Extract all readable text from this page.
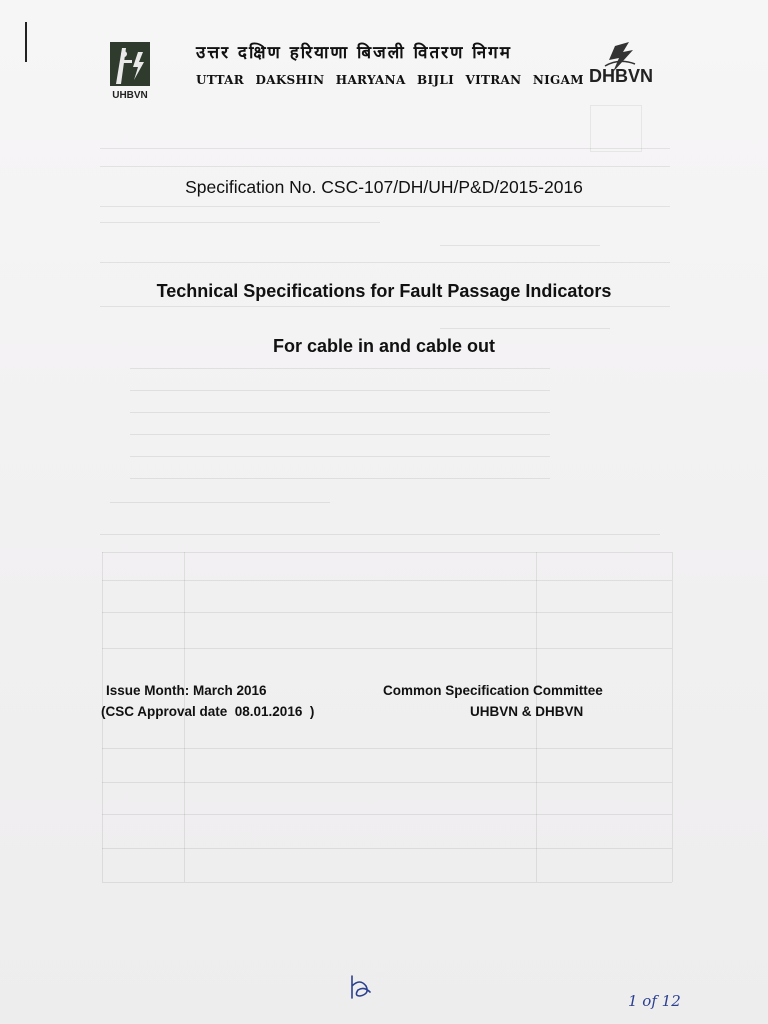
UHBVN
उत्तर दक्षिण हरियाणा बिजली वितरण निगम
UTTAR DAKSHIN HARYANA BIJLI VITRAN NIGAM DHBVN
Specification No. CSC-107/DH/UH/P&D/2015-2016
Technical Specifications for Fault Passage Indicators
For cable in and cable out
Issue Month: March 2016
(CSC Approval date  08.01.2016  )
Common Specification Committee
UHBVN & DHBVN

1 of 12
